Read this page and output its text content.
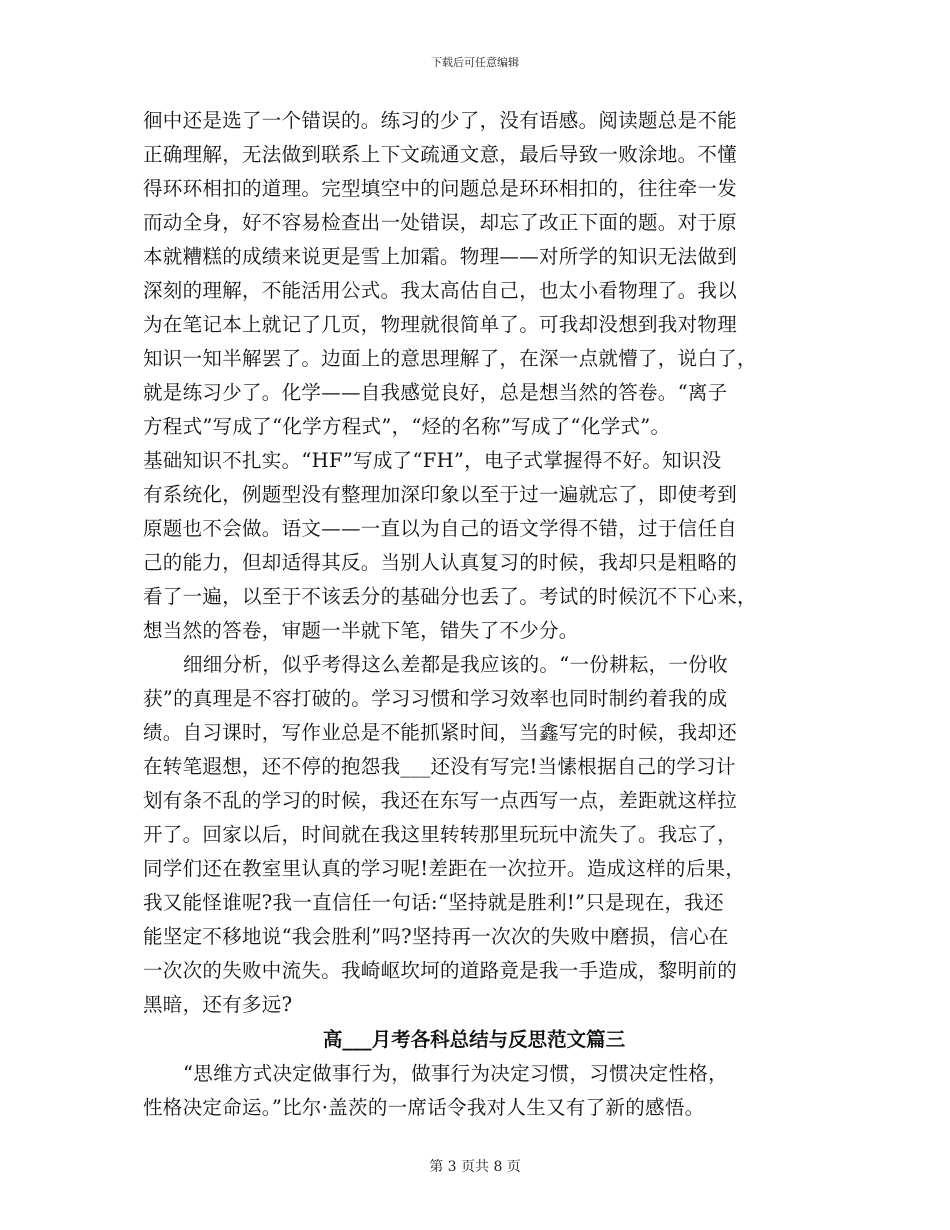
下载后可任意编辑
徊中还是选了一个错误的。练习的少了，没有语感。阅读题总是不能
正确理解，无法做到联系上下文疏通文意，最后导致一败涂地。不懂
得环环相扣的道理。完型填空中的问题总是环环相扣的，往往牵一发
而动全身，好不容易检查出一处错误，却忘了改正下面的题。对于原
本就糟糕的成绩来说更是雪上加霜。物理——对所学的知识无法做到
深刻的理解，不能活用公式。我太高估自己，也太小看物理了。我以
为在笔记本上就记了几页，物理就很简单了。可我却没想到我对物理
知识一知半解罢了。边面上的意思理解了，在深一点就懵了，说白了，
就是练习少了。化学——自我感觉良好，总是想当然的答卷。“离子
方程式”写成了“化学方程式”，“烃的名称”写成了“化学式”。
基础知识不扎实。“HF”写成了“FH”，电子式掌握得不好。知识没
有系统化，例题型没有整理加深印象以至于过一遍就忘了，即使考到
原题也不会做。语文——一直以为自己的语文学得不错，过于信任自
己的能力，但却适得其反。当别人认真复习的时候，我却只是粗略的
看了一遍，以至于不该丢分的基础分也丢了。考试的时候沉不下心来，
想当然的答卷，审题一半就下笔，错失了不少分。
细细分析，似乎考得这么差都是我应该的。“一份耕耘，一份收
获”的真理是不容打破的。学习习惯和学习效率也同时制约着我的成
绩。自习课时，写作业总是不能抓紧时间，当鑫写完的时候，我却还
在转笔遐想，还不停的抱怨我___还没有写完!当愫根据自己的学习计
划有条不乱的学习的时候，我还在东写一点西写一点，差距就这样拉
开了。回家以后，时间就在我这里转转那里玩玩中流失了。我忘了，
同学们还在教室里认真的学习呢!差距在一次拉开。造成这样的后果，
我又能怪谁呢?我一直信任一句话:“坚持就是胜利!”只是现在，我还
能坚定不移地说“我会胜利”吗?坚持再一次次的失败中磨损，信心在
一次次的失败中流失。我崎岖坎坷的道路竟是我一手造成，黎明前的
黑暗，还有多远?
高___月考各科总结与反思范文篇三
“思维方式决定做事行为，做事行为决定习惯，习惯决定性格，
性格决定命运。”比尔·盖茨的一席话令我对人生又有了新的感悟。
第 3 页共 8 页
